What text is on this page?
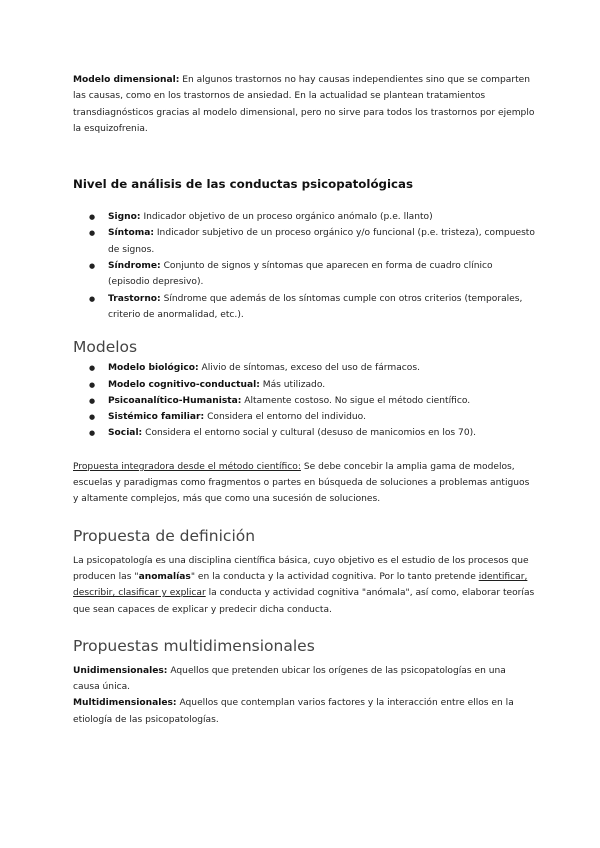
Modelo dimensional: En algunos trastornos no hay causas independientes sino que se comparten las causas, como en los trastornos de ansiedad. En la actualidad se plantean tratamientos transdiagnósticos gracias al modelo dimensional, pero no sirve para todos los trastornos por ejemplo la esquizofrenia.

Nivel de análisis de las conductas psicopatológicas
● Signo: Indicador objetivo de un proceso orgánico anómalo (p.e. llanto)
● Síntoma: Indicador subjetivo de un proceso orgánico y/o funcional (p.e. tristeza), compuesto de signos.
● Síndrome: Conjunto de signos y síntomas que aparecen en forma de cuadro clínico (episodio depresivo).
● Trastorno: Síndrome que además de los síntomas cumple con otros criterios (temporales, criterio de anormalidad, etc.).
Modelos
● Modelo biológico: Alivio de síntomas, exceso del uso de fármacos.
● Modelo cognitivo-conductual: Más utilizado.
● Psicoanalítico-Humanista: Altamente costoso. No sigue el método científico.
● Sistémico familiar: Considera el entorno del individuo.
● Social: Considera el entorno social y cultural (desuso de manicomios en los 70).

Propuesta integradora desde el método científico: Se debe concebir la amplia gama de modelos, escuelas y paradigmas como fragmentos o partes en búsqueda de soluciones a problemas antiguos y altamente complejos, más que como una sucesión de soluciones.

Propuesta de definición

La psicopatología es una disciplina científica básica, cuyo objetivo es el estudio de los procesos que producen las "anomalías" en la conducta y la actividad cognitiva. Por lo tanto pretende identificar, describir, clasificar y explicar la conducta y actividad cognitiva "anómala", así como, elaborar teorías que sean capaces de explicar y predecir dicha conducta.

Propuestas multidimensionales

Unidimensionales: Aquellos que pretenden ubicar los orígenes de las psicopatologías en una causa única.

Multidimensionales: Aquellos que contemplan varios factores y la interacción entre ellos en la etiología de las psicopatologías.
